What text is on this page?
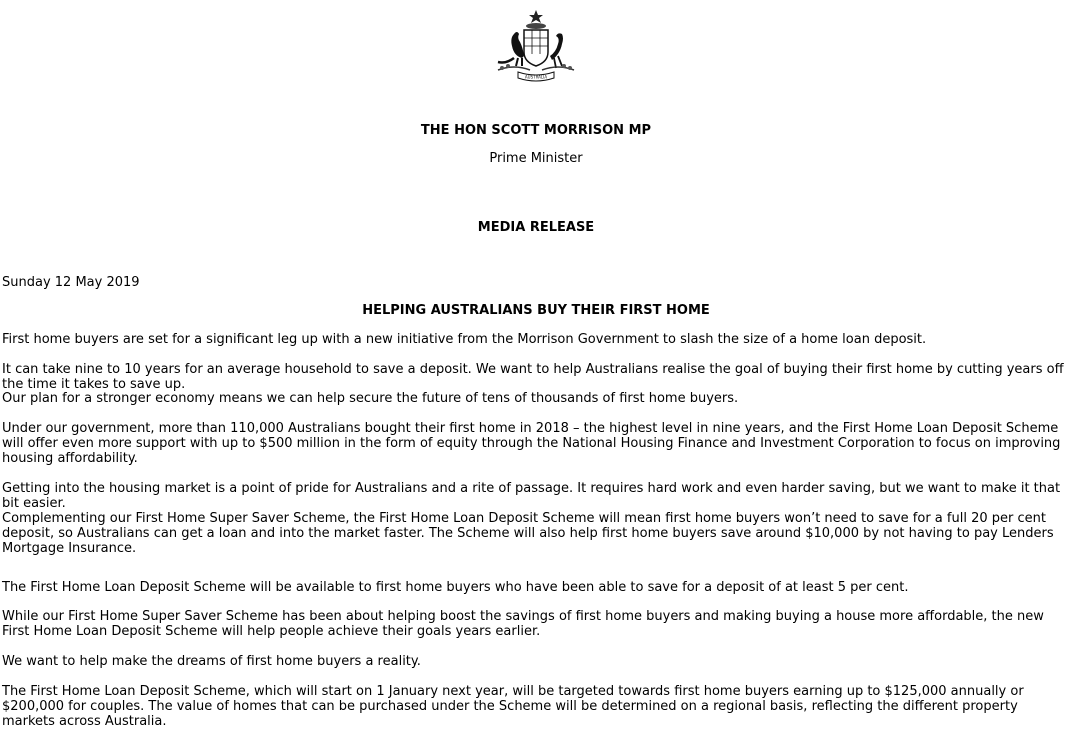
AUSTRALIA
THE HON SCOTT MORRISON MP
Prime Minister
MEDIA RELEASE
Sunday 12 May 2019
HELPING AUSTRALIANS BUY THEIR FIRST HOME

First home buyers are set for a significant leg up with a new initiative from the Morrison Government to slash the size of a home loan deposit.

It can take nine to 10 years for an average household to save a deposit. We want to help Australians realise the goal of buying their first home by cutting years off the time it takes to save up.

Our plan for a stronger economy means we can help secure the future of tens of thousands of first home buyers.

Under our government, more than 110,000 Australians bought their first home in 2018 – the highest level in nine years, and the First Home Loan Deposit Scheme will offer even more support with up to $500 million in the form of equity through the National Housing Finance and Investment Corporation to focus on improving housing affordability.

Getting into the housing market is a point of pride for Australians and a rite of passage. It requires hard work and even harder saving, but we want to make it that bit easier.

Complementing our First Home Super Saver Scheme, the First Home Loan Deposit Scheme will mean first home buyers won’t need to save for a full 20 per cent deposit, so Australians can get a loan and into the market faster. The Scheme will also help first home buyers save around $10,000 by not having to pay Lenders Mortgage Insurance.

The First Home Loan Deposit Scheme will be available to first home buyers who have been able to save for a deposit of at least 5 per cent.

While our First Home Super Saver Scheme has been about helping boost the savings of first home buyers and making buying a house more affordable, the new First Home Loan Deposit Scheme will help people achieve their goals years earlier.

We want to help make the dreams of first home buyers a reality.

The First Home Loan Deposit Scheme, which will start on 1 January next year, will be targeted towards first home buyers earning up to $125,000 annually or $200,000 for couples. The value of homes that can be purchased under the Scheme will be determined on a regional basis, reflecting the different property markets across Australia.
